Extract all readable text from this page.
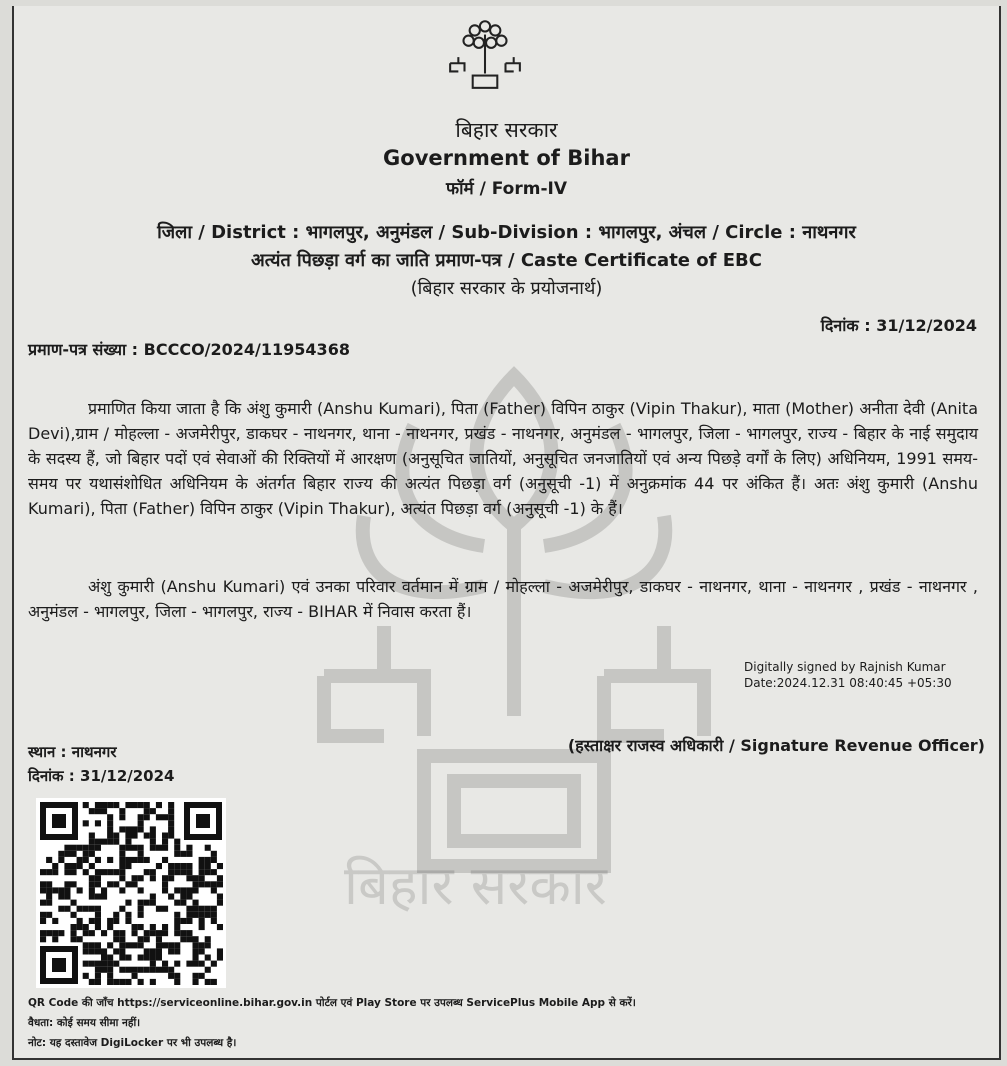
बिहार सरकार
बिहार सरकार
Government of Bihar
फॉर्म / Form-IV
जिला / District : भागलपुर, अनुमंडल / Sub-Division : भागलपुर, अंचल / Circle : नाथनगर
अत्यंत पिछड़ा वर्ग का जाति प्रमाण-पत्र / Caste Certificate of EBC
(बिहार सरकार के प्रयोजनार्थ)
दिनांक : 31/12/2024
प्रमाण-पत्र संख्या : BCCCO/2024/11954368
प्रमाणित किया जाता है कि अंशु कुमारी (Anshu Kumari), पिता (Father) विपिन ठाकुर (Vipin Thakur), माता (Mother) अनीता देवी (Anita Devi),ग्राम / मोहल्ला - अजमेरीपुर, डाकघर - नाथनगर, थाना - नाथनगर, प्रखंड - नाथनगर, अनुमंडल - भागलपुर, जिला - भागलपुर, राज्य - बिहार के नाई समुदाय के सदस्य हैं, जो बिहार पदों एवं सेवाओं की रिक्तियों में आरक्षण (अनुसूचित जातियों, अनुसूचित जनजातियों एवं अन्य पिछड़े वर्गों के लिए) अधिनियम, 1991 समय-समय पर यथासंशोधित अधिनियम के अंतर्गत बिहार राज्य की अत्यंत पिछड़ा वर्ग (अनुसूची -1) में अनुक्रमांक 44 पर अंकित हैं। अतः अंशु कुमारी (Anshu Kumari), पिता (Father) विपिन ठाकुर (Vipin Thakur), अत्यंत पिछड़ा वर्ग (अनुसूची -1) के हैं।
अंशु कुमारी (Anshu Kumari) एवं उनका परिवार वर्तमान में ग्राम / मोहल्ला - अजमेरीपुर, डाकघर - नाथनगर, थाना - नाथनगर , प्रखंड - नाथनगर , अनुमंडल - भागलपुर, जिला - भागलपुर, राज्य - BIHAR में निवास करता हैं।
Digitally signed by Rajnish Kumar
Date:2024.12.31 08:40:45 +05:30
स्थान : नाथनगर
दिनांक : 31/12/2024
(हस्ताक्षर राजस्व अधिकारी / Signature Revenue Officer)
QR Code की जाँच https://serviceonline.bihar.gov.in पोर्टल एवं Play Store पर उपलब्ध ServicePlus Mobile App से करें।
वैधता: कोई समय सीमा नहीं।
नोट: यह दस्तावेज DigiLocker पर भी उपलब्ध है।
